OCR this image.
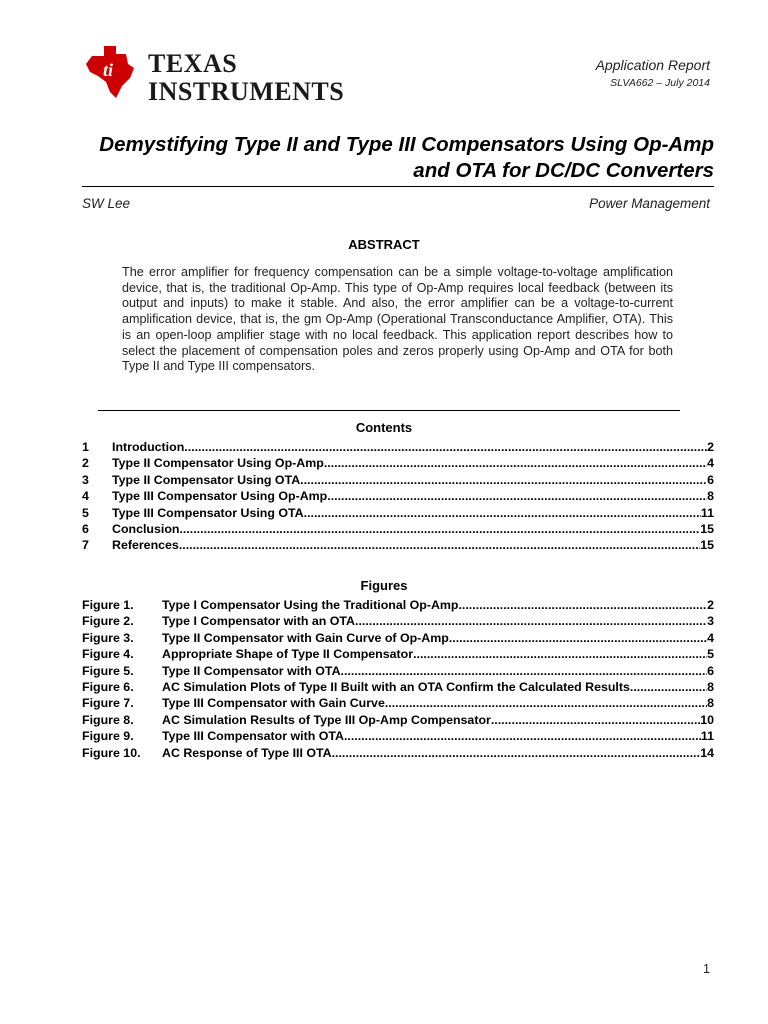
ti TEXAS
INSTRUMENTS
Application Report
SLVA662 – July 2014
Demystifying Type II and Type III Compensators Using Op-Amp and OTA for DC/DC Converters
SW Lee	Power Management
ABSTRACT
The error amplifier for frequency compensation can be a simple voltage-to-voltage amplification device, that is, the traditional Op-Amp. This type of Op-Amp requires local feedback (between its output and inputs) to make it stable. And also, the error amplifier can be a voltage-to-current amplification device, that is, the gm Op-Amp (Operational Transconductance Amplifier, OTA). This is an open-loop amplifier stage with no local feedback. This application report describes how to select the placement of compensation poles and zeros properly using Op-Amp and OTA for both Type II and Type III compensators.
Contents
1	Introduction .....	2
2	Type II Compensator Using Op-Amp .....	4
3	Type II Compensator Using OTA .....	6
4	Type III Compensator Using Op-Amp .....	8
5	Type III Compensator Using OTA .....	11
6	Conclusion .....	15
7	References .....	15
Figures
Figure 1.	Type I Compensator Using the Traditional Op-Amp .....	2
Figure 2.	Type I Compensator with an OTA .....	3
Figure 3.	Type II Compensator with Gain Curve of Op-Amp .....	4
Figure 4.	Appropriate Shape of Type II Compensator .....	5
Figure 5.	Type II Compensator with OTA .....	6
Figure 6.	AC Simulation Plots of Type II Built with an OTA Confirm the Calculated Results .....	8
Figure 7.	Type III Compensator with Gain Curve .....	8
Figure 8.	AC Simulation Results of Type III Op-Amp Compensator .....	10
Figure 9.	Type III Compensator with OTA .....	11
Figure 10.	AC Response of Type III OTA .....	14
1
